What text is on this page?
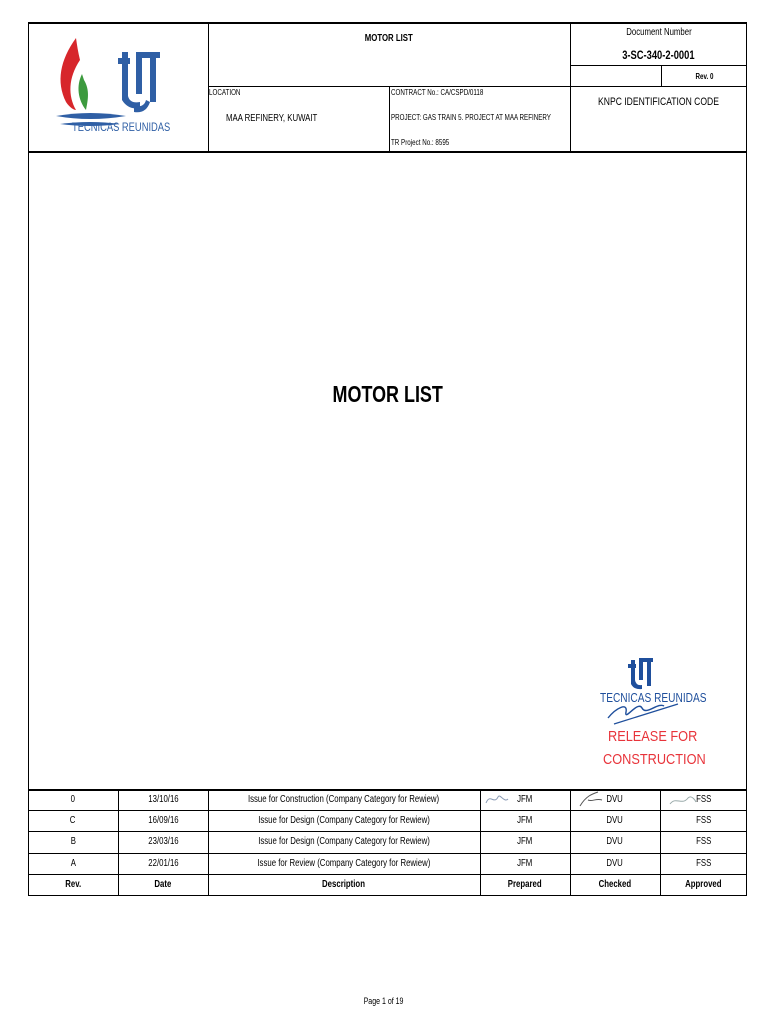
TECNICAS REUNIDAS
MOTOR LIST
Document Number
3-SC-340-2-0001
Rev. 0
LOCATION
MAA REFINERY, KUWAIT
CONTRACT No.: CA/CSPD/0118
PROJECT: GAS TRAIN 5. PROJECT AT MAA REFINERY
TR Project No.: 8595
KNPC IDENTIFICATION CODE
MOTOR LIST
TECNICAS REUNIDAS
RELEASE FOR
CONSTRUCTION
0	13/10/16	Issue for Construction (Company Category for Rewiew)	JFM	DVU	FSS
C	16/09/16	Issue for Design (Company Category for Rewiew)	JFM	DVU	FSS
B	23/03/16	Issue for Design (Company Category for Rewiew)	JFM	DVU	FSS
A	22/01/16	Issue for Review (Company Category for Rewiew)	JFM	DVU	FSS
Rev.	Date	Description	Prepared	Checked	Approved
Page 1 of 19
